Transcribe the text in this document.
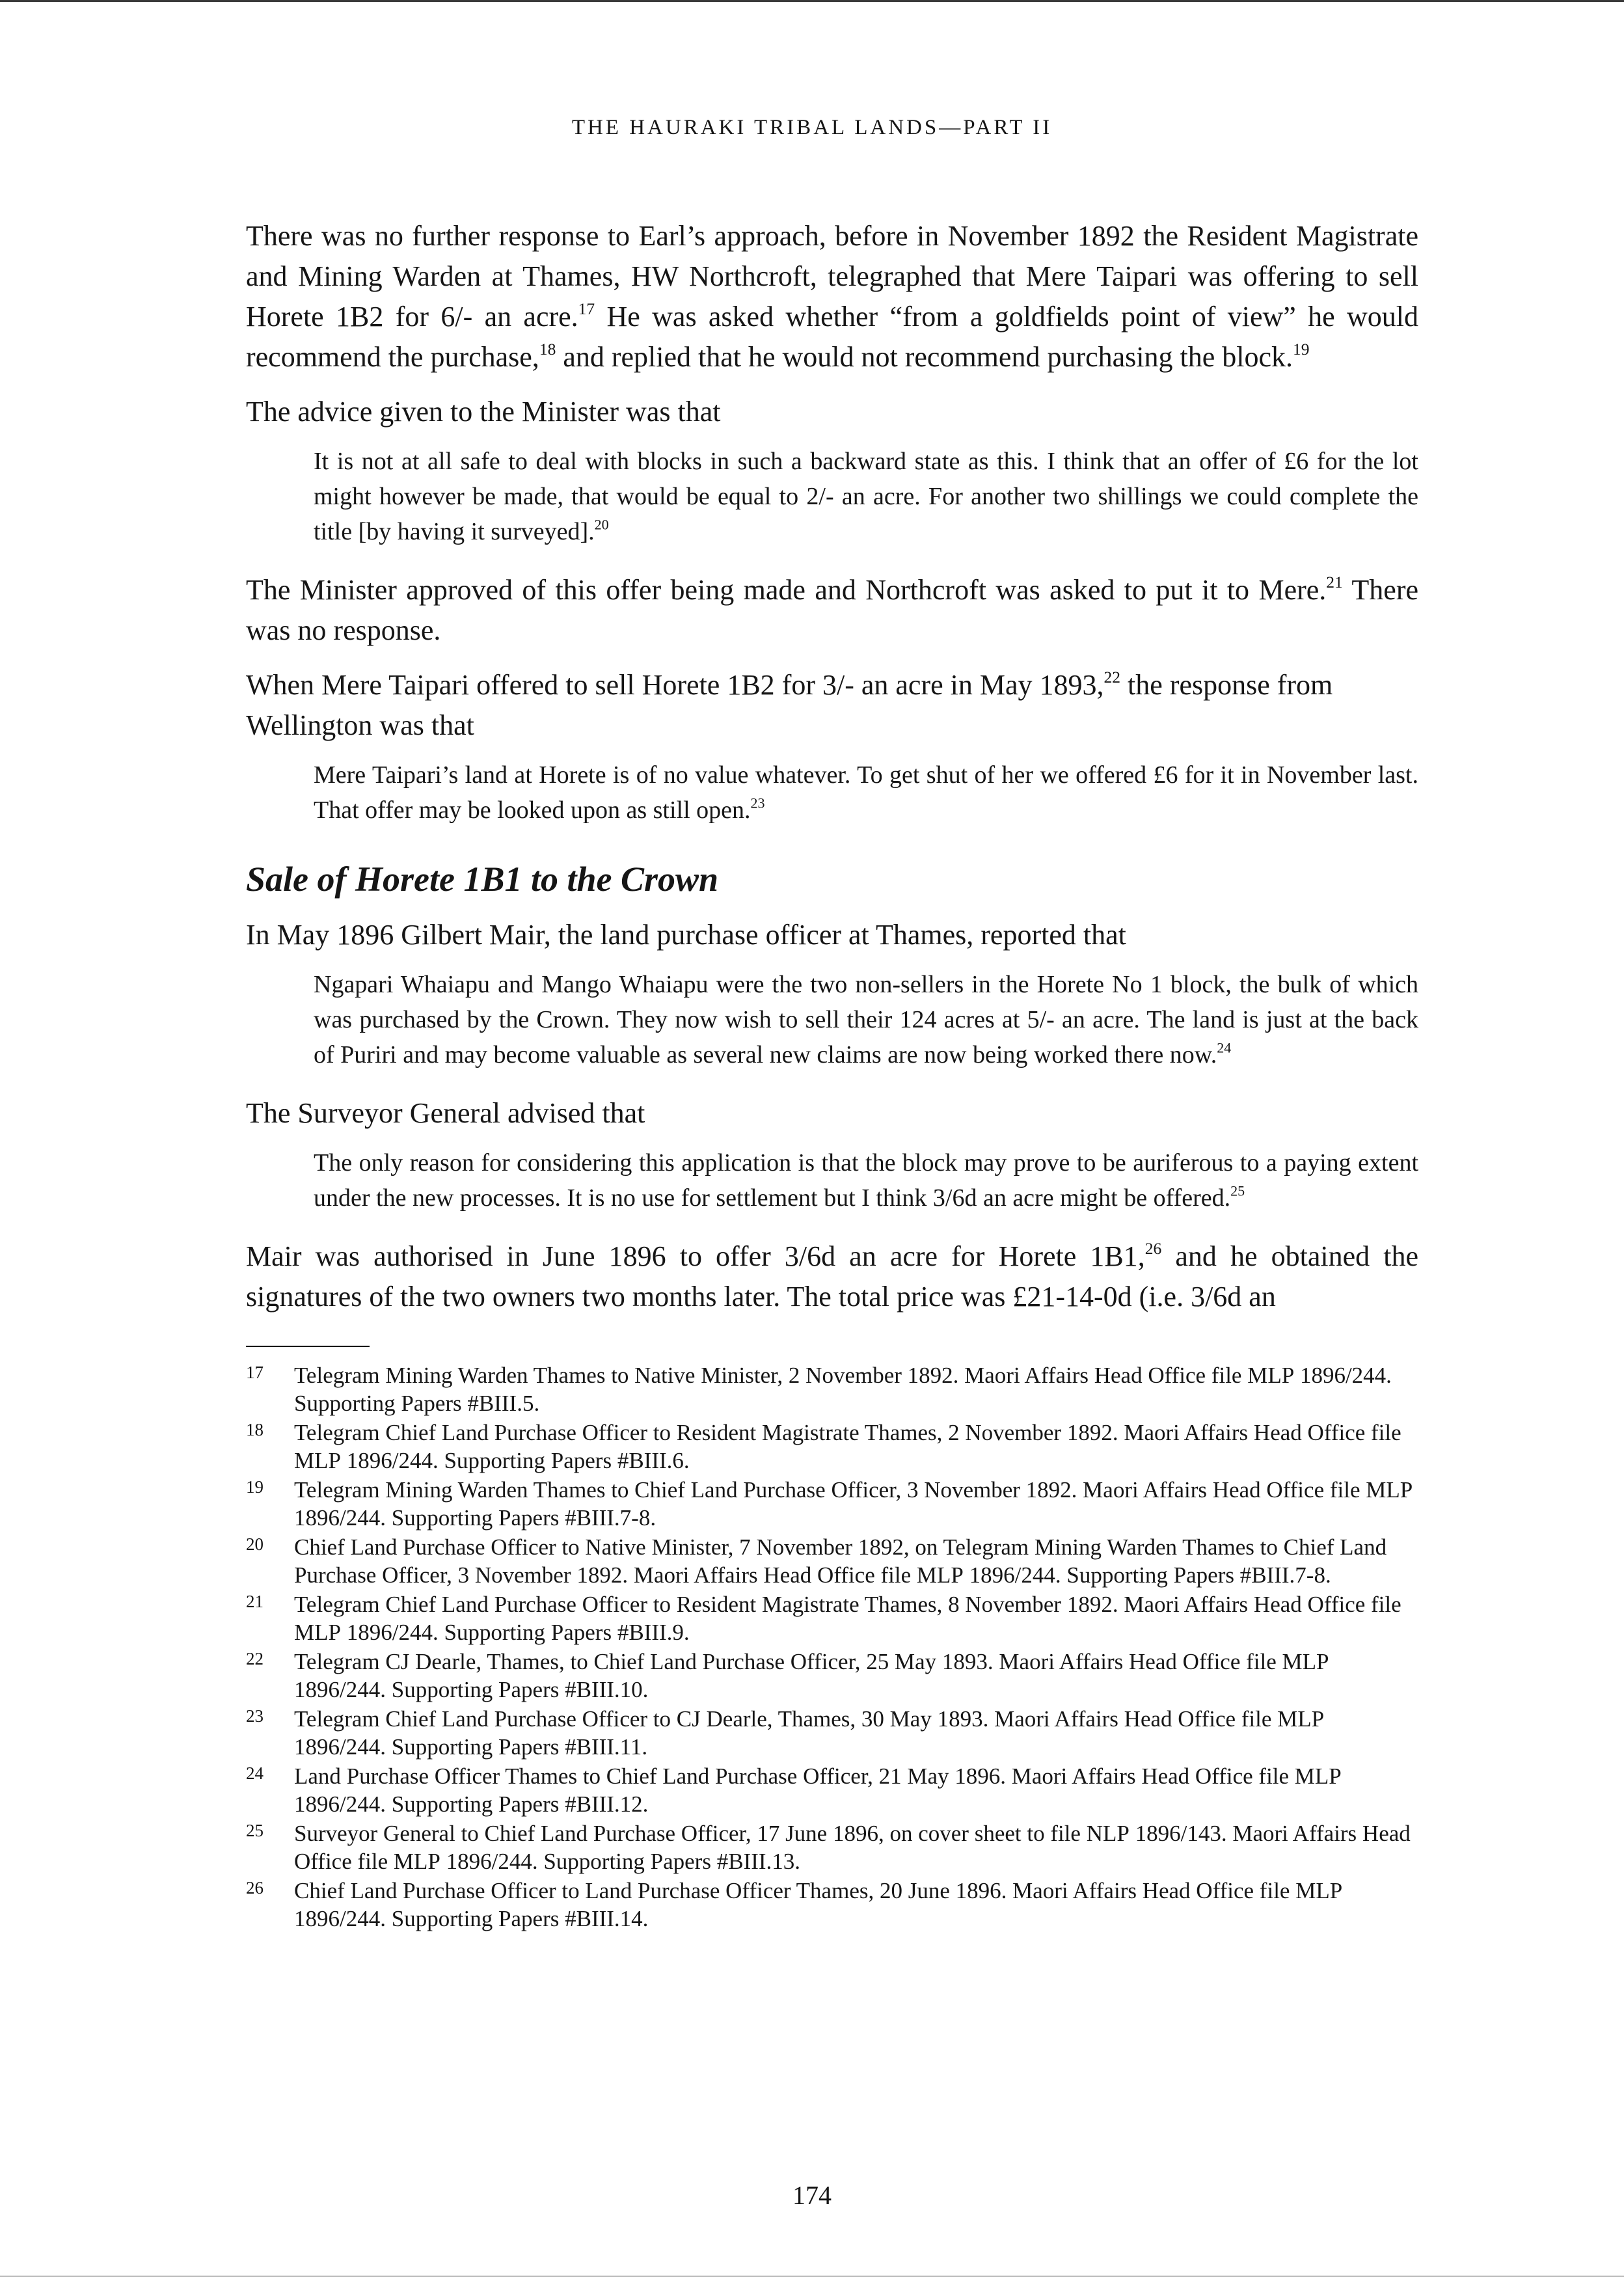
THE HAURAKI TRIBAL LANDS—PART II

There was no further response to Earl’s approach, before in November 1892 the Resident Magistrate and Mining Warden at Thames, HW Northcroft, telegraphed that Mere Taipari was offering to sell Horete 1B2 for 6/- an acre.$^{17}$ He was asked whether “from a goldfields point of view” he would recommend the purchase,$^{18}$ and replied that he would not recommend purchasing the block.$^{19}$

The advice given to the Minister was that

It is not at all safe to deal with blocks in such a backward state as this. I think that an offer of £6 for the lot might however be made, that would be equal to 2/- an acre. For another two shillings we could complete the title [by having it surveyed].$^{20}$

The Minister approved of this offer being made and Northcroft was asked to put it to Mere.$^{21}$ There was no response.

When Mere Taipari offered to sell Horete 1B2 for 3/- an acre in May 1893,22 the response from Wellington was that

Mere Taipari’s land at Horete is of no value whatever. To get shut of her we offered £6 for it in November last. That offer may be looked upon as still open.$^{23}$

Sale of Horete 1B1 to the Crown

In May 1896 Gilbert Mair, the land purchase officer at Thames, reported that

Ngapari Whaiapu and Mango Whaiapu were the two non-sellers in the Horete No 1 block, the bulk of which was purchased by the Crown. They now wish to sell their 124 acres at 5/- an acre. The land is just at the back of Puriri and may become valuable as several new claims are now being worked there now.$^{24}$

The Surveyor General advised that

The only reason for considering this application is that the block may prove to be auriferous to a paying extent under the new processes. It is no use for settlement but I think 3/6d an acre might be offered.$^{25}$

Mair was authorised in June 1896 to offer 3/6d an acre for Horete 1B1,26 and he obtained the signatures of the two owners two months later. The total price was £21-14-0d (i.e. 3/6d an

17	Telegram Mining Warden Thames to Native Minister, 2 November 1892. Maori Affairs Head Office file MLP 1896/244. Supporting Papers #BIII.5.
18	Telegram Chief Land Purchase Officer to Resident Magistrate Thames, 2 November 1892. Maori Affairs Head Office file MLP 1896/244. Supporting Papers #BIII.6.
19	Telegram Mining Warden Thames to Chief Land Purchase Officer, 3 November 1892. Maori Affairs Head Office file MLP 1896/244. Supporting Papers #BIII.7-8.
20	Chief Land Purchase Officer to Native Minister, 7 November 1892, on Telegram Mining Warden Thames to Chief Land Purchase Officer, 3 November 1892. Maori Affairs Head Office file MLP 1896/244. Supporting Papers #BIII.7-8.
21	Telegram Chief Land Purchase Officer to Resident Magistrate Thames, 8 November 1892. Maori Affairs Head Office file MLP 1896/244. Supporting Papers #BIII.9.
22	Telegram CJ Dearle, Thames, to Chief Land Purchase Officer, 25 May 1893. Maori Affairs Head Office file MLP 1896/244. Supporting Papers #BIII.10.
23	Telegram Chief Land Purchase Officer to CJ Dearle, Thames, 30 May 1893. Maori Affairs Head Office file MLP 1896/244. Supporting Papers #BIII.11.
24	Land Purchase Officer Thames to Chief Land Purchase Officer, 21 May 1896. Maori Affairs Head Office file MLP 1896/244. Supporting Papers #BIII.12.
25	Surveyor General to Chief Land Purchase Officer, 17 June 1896, on cover sheet to file NLP 1896/143. Maori Affairs Head Office file MLP 1896/244. Supporting Papers #BIII.13.
26	Chief Land Purchase Officer to Land Purchase Officer Thames, 20 June 1896. Maori Affairs Head Office file MLP 1896/244. Supporting Papers #BIII.14.
174
